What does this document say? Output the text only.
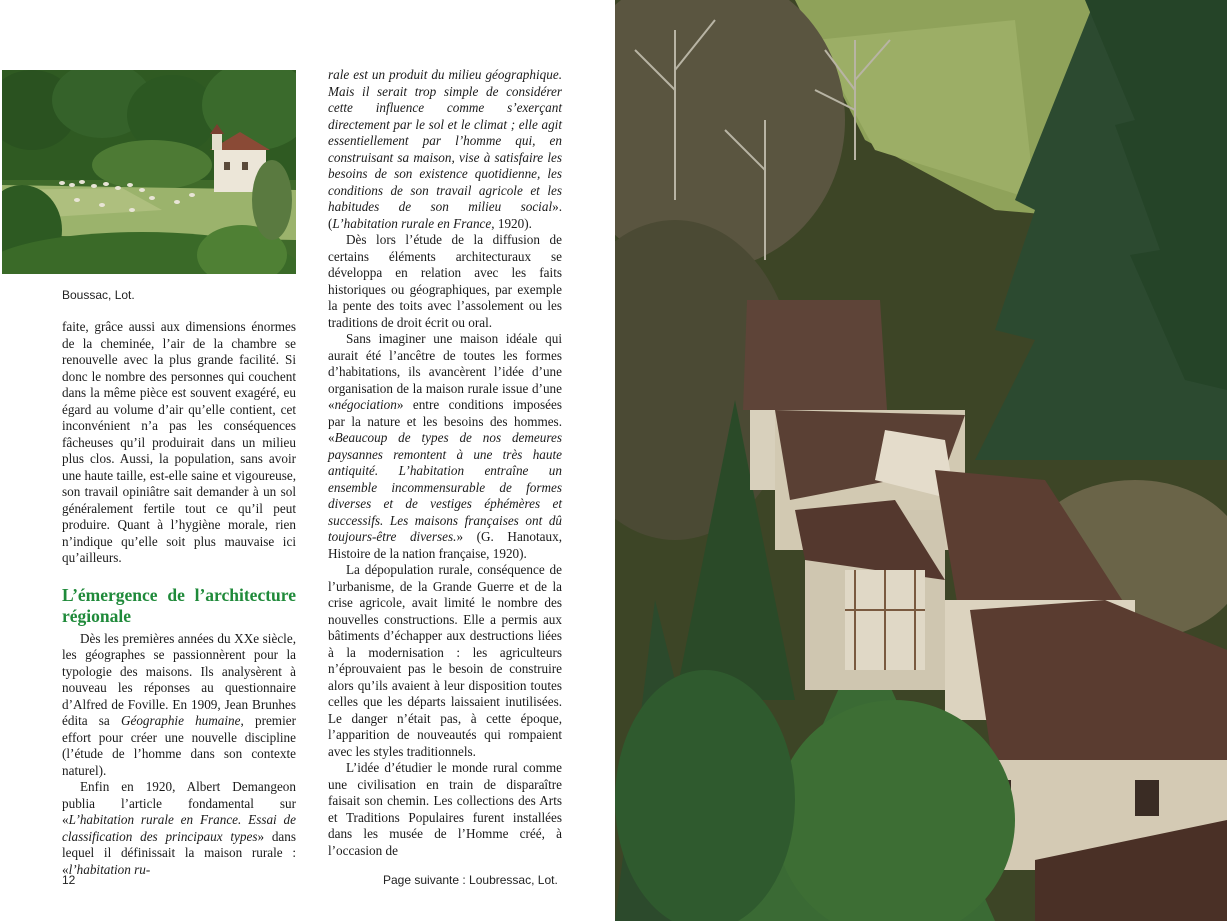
Boussac, Lot.

faite, grâce aussi aux dimensions énormes de la cheminée, l’air de la chambre se renouvelle avec la plus grande facilité. Si donc le nombre des personnes qui couchent dans la même pièce est souvent exagéré, eu égard au volume d’air qu’elle contient, cet inconvénient n’a pas les conséquences fâcheuses qu’il produirait dans un milieu plus clos. Aussi, la population, sans avoir une haute taille, est-elle saine et vigoureuse, son travail opiniâtre sait demander à un sol généralement fertile tout ce qu’il peut produire. Quant à l’hygiène morale, rien n’indique qu’elle soit plus mauvaise ici qu’ailleurs.

L’émergence de l’architecture régionale

Dès les premières années du XXe siècle, les géographes se passionnèrent pour la typologie des maisons. Ils analysèrent à nouveau les réponses au questionnaire d’Alfred de Foville. En 1909, Jean Brunhes édita sa Géographie humaine, premier effort pour créer une nouvelle discipline (l’étude de l’homme dans son contexte naturel).

Enfin en 1920, Albert Demangeon publia l’article fondamental sur «L’habitation rurale en France. Essai de classification des principaux types» dans lequel il définissait la maison rurale : «l’habitation ru-

rale est un produit du milieu géographique. Mais il serait trop simple de considérer cette influence comme s’exerçant directement par le sol et le climat ; elle agit essentiellement par l’homme qui, en construisant sa maison, vise à satisfaire les besoins de son existence quotidienne, les conditions de son travail agricole et les habitudes de son milieu social». (L’habitation rurale en France, 1920).

Dès lors l’étude de la diffusion de certains éléments architecturaux se développa en relation avec les faits historiques ou géographiques, par exemple la pente des toits avec l’assolement ou les traditions de droit écrit ou oral.

Sans imaginer une maison idéale qui aurait été l’ancêtre de toutes les formes d’habitations, ils avancèrent l’idée d’une organisation de la maison rurale issue d’une «négociation» entre conditions imposées par la nature et les besoins des hommes. «Beaucoup de types de nos demeures paysannes remontent à une très haute antiquité. L’habitation entraîne un ensemble incommensurable de formes diverses et de vestiges éphémères et successifs. Les maisons françaises ont dû toujours-être diverses.» (G. Hanotaux, Histoire de la nation française, 1920).

La dépopulation rurale, conséquence de l’urbanisme, de la Grande Guerre et de la crise agricole, avait limité le nombre des nouvelles constructions. Elle a permis aux bâtiments d’échapper aux destructions liées à la modernisation : les agriculteurs n’éprouvaient pas le besoin de construire alors qu’ils avaient à leur disposition toutes celles que les départs laissaient inutilisées. Le danger n’était pas, à cette époque, l’apparition de nouveautés qui rompaient avec les styles traditionnels.

L’idée d’étudier le monde rural comme une civilisation en train de disparaître faisait son chemin. Les collections des Arts et Traditions Populaires furent installées dans les musée de l’Homme créé, à l’occasion de

12	Page suivante : Loubressac, Lot.
